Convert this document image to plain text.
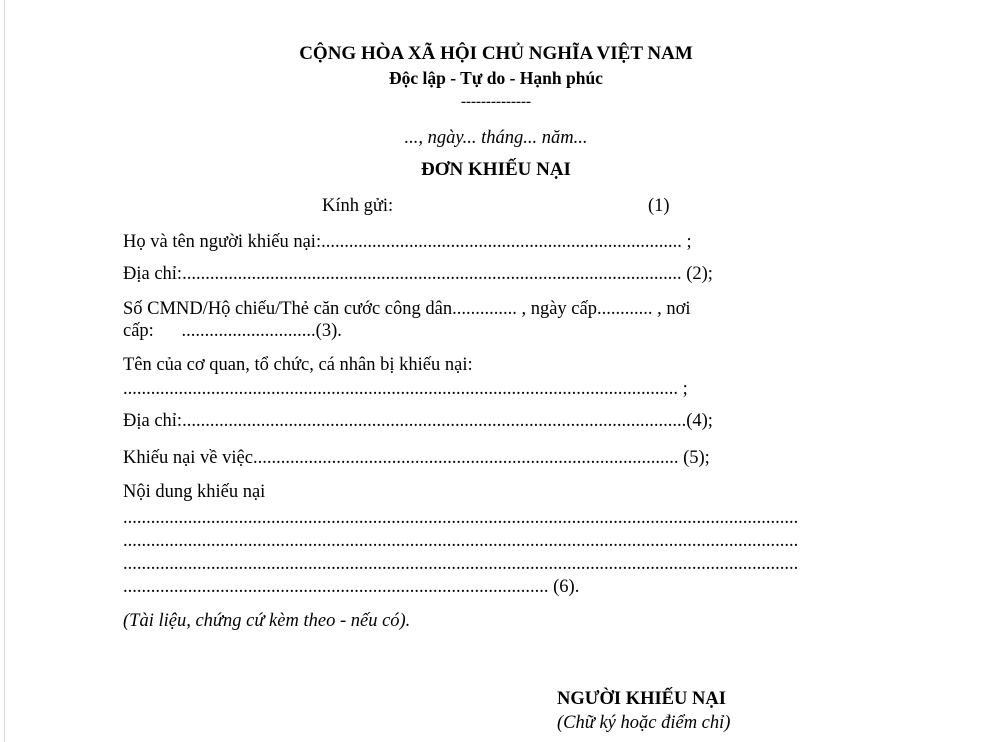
CỘNG HÒA XÃ HỘI CHỦ NGHĨA VIỆT NAM
Độc lập - Tự do - Hạnh phúc
--------------
..., ngày... tháng... năm...
ĐƠN KHIẾU NẠI
Kính gửi:	(1)
Họ và tên người khiếu nại:.............................................................................. ;
Địa chỉ:............................................................................................................ (2);
Số CMND/Hộ chiếu/Thẻ căn cước công dân.............. , ngày cấp............ , nơi
cấp:      .............................(3).
Tên của cơ quan, tổ chức, cá nhân bị khiếu nại:
........................................................................................................................ ;
Địa chỉ:.............................................................................................................(4);
Khiếu nại về việc............................................................................................ (5);
Nội dung khiếu nại
..................................................................................................................................................
..................................................................................................................................................
..................................................................................................................................................
............................................................................................ (6).
(Tài liệu, chứng cứ kèm theo - nếu có).
NGƯỜI KHIẾU NẠI
(Chữ ký hoặc điểm chỉ)
